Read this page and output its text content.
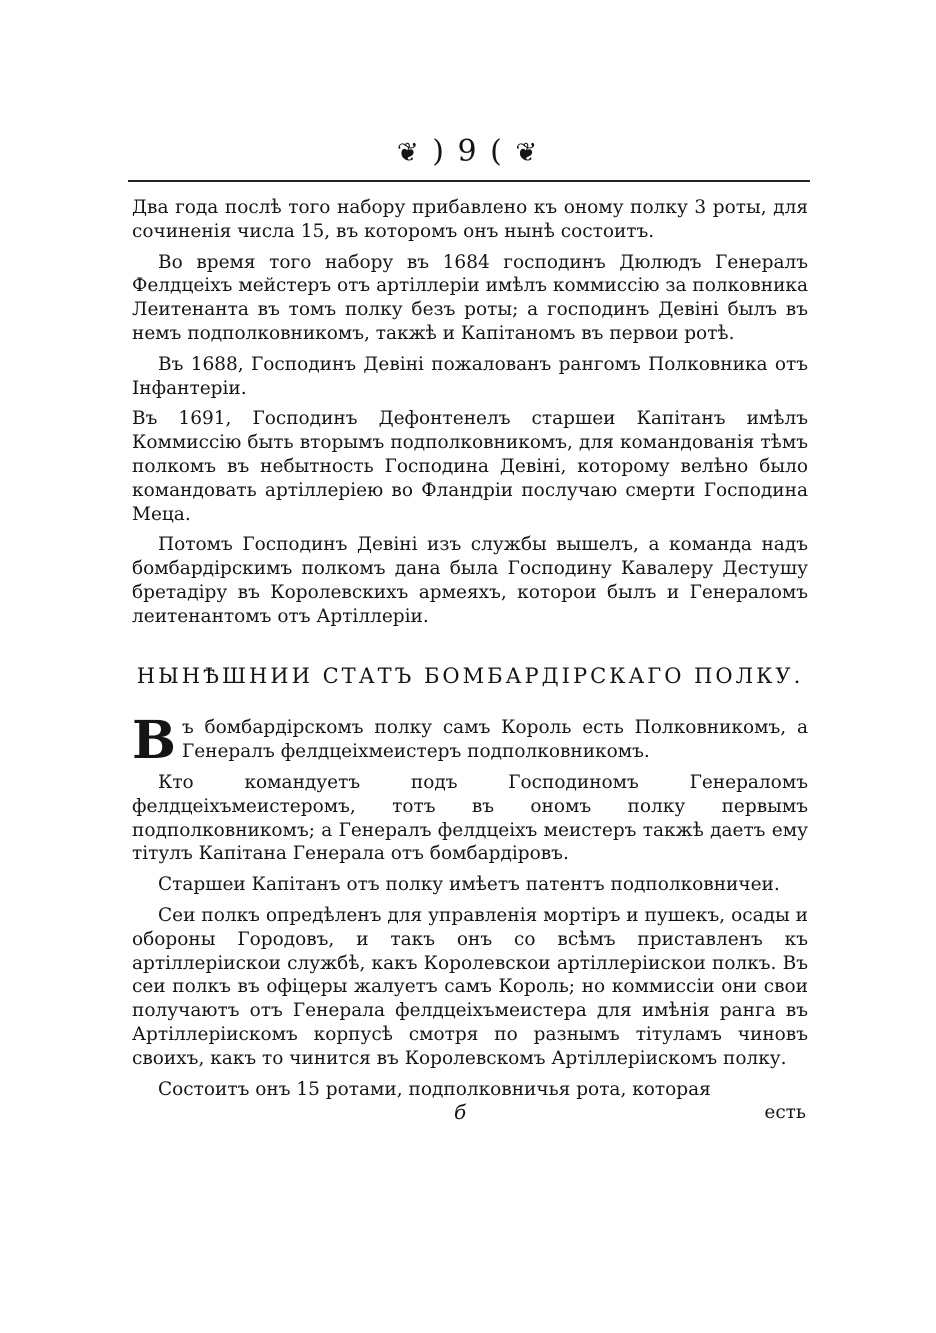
❦ ) 9 ( ❦

Два года послѣ того набору прибавлено къ оному полку 3 роты, для сочиненія числа 15, въ которомъ онъ нынѣ состоитъ.

Во время того набору въ 1684 господинъ Дюлюдъ Генералъ Фелдцеіхъ мейстеръ отъ артіллеріи имѣлъ коммиссію за полковника Леитенанта въ томъ полку безъ роты; а господинъ Девіні былъ въ немъ подполковникомъ, такжѣ и Капітаномъ въ первои ротѣ.

Въ 1688, Господинъ Девіні пожалованъ рангомъ Полковника отъ Інфантеріи.

Въ 1691, Господинъ Дефонтенелъ старшеи Капітанъ имѣлъ Коммиссію быть вторымъ подполковникомъ, для командованія тѣмъ полкомъ въ небытность Господина Девіні, которому велѣно было командовать артіллеріею во Фландріи послучаю смерти Господина Меца.

Потомъ Господинъ Девіні изъ службы вышелъ, а команда надъ бомбардірскимъ полкомъ дана была Господину Кавалеру Дестушу бретадіру въ Королевскихъ армеяхъ, которои былъ и Генераломъ леитенантомъ отъ Артіллеріи.

НЫНѢШНИИ СТАТЪ БОМБАРДІРСКАГО ПОЛКУ.

В ъ бомбардірскомъ полку самъ Король есть Полковникомъ, а Генералъ фелдцеіхмеистеръ подполковникомъ.

Кто командуетъ подъ Господиномъ Генераломъ фелдцеіхъмеистеромъ, тотъ въ ономъ полку первымъ подполковникомъ; а Генералъ фелдцеіхъ меистеръ такжѣ даетъ ему тітулъ Капітана Генерала отъ бомбардіровъ.

Старшеи Капітанъ отъ полку имѣетъ патентъ подполковничеи.

Сеи полкъ опредѣленъ для управленія мортіръ и пушекъ, осады и обороны Городовъ, и такъ онъ со всѣмъ приставленъ къ артіллеріискои службѣ, какъ Королевскои артіллеріискои полкъ. Въ сеи полкъ въ офіцеры жалуетъ самъ Король; но коммиссіи они свои получаютъ отъ Генерала фелдцеіхъмеистера для имѣнія ранга въ Артіллеріискомъ корпусѣ смотря по разнымъ тітуламъ чиновъ своихъ, какъ то чинится въ Королевскомъ Артіллеріискомъ полку.

Состоитъ онъ 15 ротами, подполковничья рота, которая

б	есть
